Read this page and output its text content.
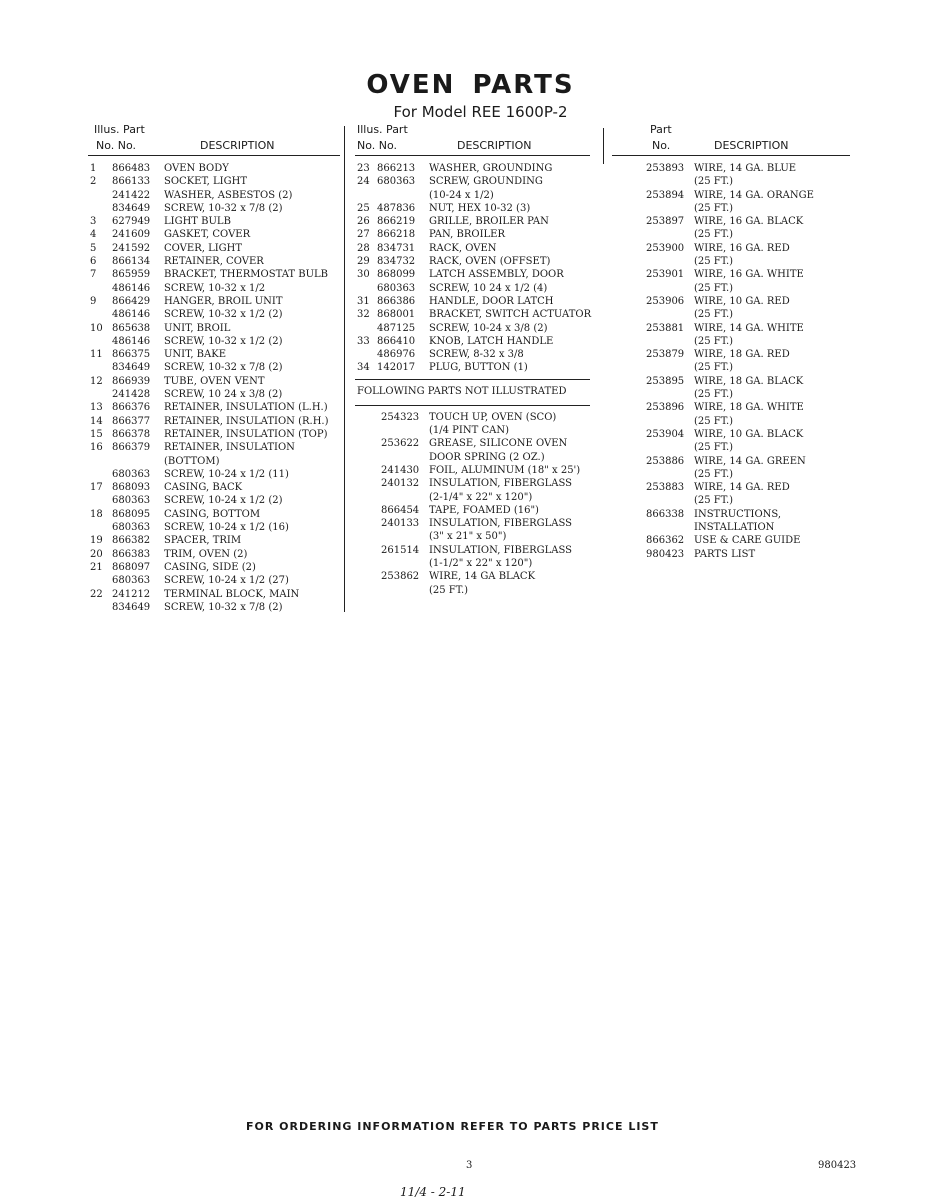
OVEN PARTS
For Model REE 1600P-2
Illus. Part
No. No.	DESCRIPTION
1 866483 OVEN BODY
2 866133 SOCKET, LIGHT
241422 WASHER, ASBESTOS (2)
834649 SCREW, 10-32 x 7/8 (2)
3 627949 LIGHT BULB
4 241609 GASKET, COVER
5 241592 COVER, LIGHT
6 866134 RETAINER, COVER
7 865959 BRACKET, THERMOSTAT BULB
486146 SCREW, 10-32 x 1/2
9 866429 HANGER, BROIL UNIT
486146 SCREW, 10-32 x 1/2 (2)
10 865638 UNIT, BROIL
486146 SCREW, 10-32 x 1/2 (2)
11 866375 UNIT, BAKE
834649 SCREW, 10-32 x 7/8 (2)
12 866939 TUBE, OVEN VENT
241428 SCREW, 10 24 x 3/8 (2)
13 866376 RETAINER, INSULATION (L.H.)
14 866377 RETAINER, INSULATION (R.H.)
15 866378 RETAINER, INSULATION (TOP)
16 866379 RETAINER, INSULATION
(BOTTOM)
680363 SCREW, 10-24 x 1/2 (11)
17 868093 CASING, BACK
680363 SCREW, 10-24 x 1/2 (2)
18 868095 CASING, BOTTOM
680363 SCREW, 10-24 x 1/2 (16)
19 866382 SPACER, TRIM
20 866383 TRIM, OVEN (2)
21 868097 CASING, SIDE (2)
680363 SCREW, 10-24 x 1/2 (27)
22 241212 TERMINAL BLOCK, MAIN
834649 SCREW, 10-32 x 7/8 (2)
Illus. Part
No. No.	DESCRIPTION
23 866213 WASHER, GROUNDING
24 680363 SCREW, GROUNDING
(10-24 x 1/2)
25 487836 NUT, HEX 10-32 (3)
26 866219 GRILLE, BROILER PAN
27 866218 PAN, BROILER
28 834731 RACK, OVEN
29 834732 RACK, OVEN (OFFSET)
30 868099 LATCH ASSEMBLY, DOOR
680363 SCREW, 10 24 x 1/2 (4)
31 866386 HANDLE, DOOR LATCH
32 868001 BRACKET, SWITCH ACTUATOR
487125 SCREW, 10-24 x 3/8 (2)
33 866410 KNOB, LATCH HANDLE
486976 SCREW, 8-32 x 3/8
34 142017 PLUG, BUTTON (1)
FOLLOWING PARTS NOT ILLUSTRATED
254323 TOUCH UP, OVEN (SCO)
(1/4 PINT CAN)
253622 GREASE, SILICONE OVEN
DOOR SPRING (2 OZ.)
241430 FOIL, ALUMINUM (18" x 25')
240132 INSULATION, FIBERGLASS
(2-1/4" x 22" x 120")
866454 TAPE, FOAMED (16")
240133 INSULATION, FIBERGLASS
(3" x 21" x 50")
261514 INSULATION, FIBERGLASS
(1-1/2" x 22" x 120")
253862 WIRE, 14 GA BLACK
(25 FT.)
Part
No.	DESCRIPTION
253893 WIRE, 14 GA. BLUE
(25 FT.)
253894 WIRE, 14 GA. ORANGE
(25 FT.)
253897 WIRE, 16 GA. BLACK
(25 FT.)
253900 WIRE, 16 GA. RED
(25 FT.)
253901 WIRE, 16 GA. WHITE
(25 FT.)
253906 WIRE, 10 GA. RED
(25 FT.)
253881 WIRE, 14 GA. WHITE
(25 FT.)
253879 WIRE, 18 GA. RED
(25 FT.)
253895 WIRE, 18 GA. BLACK
(25 FT.)
253896 WIRE, 18 GA. WHITE
(25 FT.)
253904 WIRE, 10 GA. BLACK
(25 FT.)
253886 WIRE, 14 GA. GREEN
(25 FT.)
253883 WIRE, 14 GA. RED
(25 FT.)
866338 INSTRUCTIONS,
INSTALLATION
866362 USE & CARE GUIDE
980423 PARTS LIST
FOR ORDERING INFORMATION REFER TO PARTS PRICE LIST
3	980423
11/4 - 2-11
